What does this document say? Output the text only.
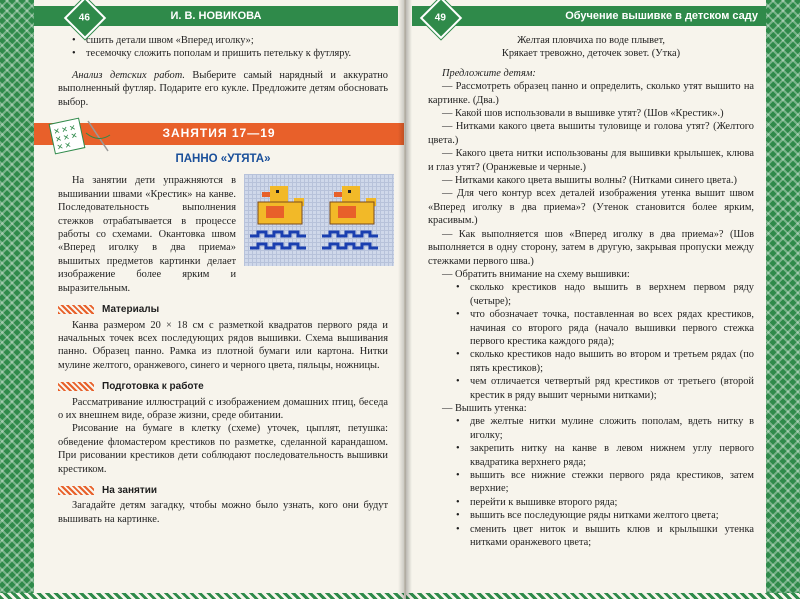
И. В. НОВИКОВА
46

• сшить детали швом «Вперед иголку»;

• тесемочку сложить пополам и пришить петельку к футляру.

Анализ детских работ. Выберите самый нарядный и аккуратно выполненный футляр. Подарите его кукле. Предложите детям обосновать выбор.

ЗАНЯТИЯ 17—19
ПАННО «УТЯТА»

На занятии дети упражняются в вышивании швами «Крестик» на канве. Последовательность выполнения стежков отрабатывается в процессе работы со схемами. Окантовка швом «Вперед иголку в два приема» вышитых предметов картинки делает изображение более ярким и выразительным.

Материалы

Канва размером 20 × 18 см с разметкой квадратов первого ряда и начальных точек всех последующих рядов вышивки. Схема вышивания панно. Образец панно. Рамка из плотной бумаги или картона. Нитки мулине желтого, оранжевого, синего и черного цвета, пяльцы, ножницы.

Подготовка к работе

Рассматривание иллюстраций с изображением домашних птиц, беседа о их внешнем виде, образе жизни, среде обитании.

Рисование на бумаге в клетку (схеме) уточек, цыплят, петушка: обведение фломастером крестиков по разметке, сделанной карандашом. При рисовании крестиков дети соблюдают последовательность вышивки крестиком.

На занятии

Загадайте детям загадку, чтобы можно было узнать, кого они будут вышивать на картинке.

Обучение вышивке в детском саду
49
Желтая пловчиха по воде плывет,
Крякает тревожно, деточек зовет. (Утка)

Предложите детям:

— Рассмотреть образец панно и определить, сколько утят вышито на картинке. (Два.)

— Какой шов использовали в вышивке утят? (Шов «Крестик».)

— Нитками какого цвета вышиты туловище и голова утят? (Желтого цвета.)

— Какого цвета нитки использованы для вышивки крылышек, клюва и глаз утят? (Оранжевые и черные.)

— Нитками какого цвета вышиты волны? (Нитками синего цвета.)

— Для чего контур всех деталей изображения утенка вышит швом «Вперед иголку в два приема»? (Утенок становится более ярким, красивым.)

— Как выполняется шов «Вперед иголку в два приема»? (Шов выполняется в одну сторону, затем в другую, закрывая пропуски между стежками первого шва.)

— Обратить внимание на схему вышивки:

• сколько крестиков надо вышить в верхнем первом ряду (четыре);

• что обозначает точка, поставленная во всех рядах крестиков, начиная со второго ряда (начало вышивки первого стежка первого крестика каждого ряда);

• сколько крестиков надо вышить во втором и третьем рядах (по пять крестиков);

• чем отличается четвертый ряд крестиков от третьего (второй крестик в ряду вышит черными нитками);

— Вышить утенка:

• две желтые нитки мулине сложить пополам, вдеть нитку в иголку;

• закрепить нитку на канве в левом нижнем углу первого квадратика верхнего ряда;

• вышить все нижние стежки первого ряда крестиков, затем верхние;

• перейти к вышивке второго ряда;

• вышить все последующие ряды нитками желтого цвета;

• сменить цвет ниток и вышить клюв и крылышки утенка нитками оранжевого цвета;
